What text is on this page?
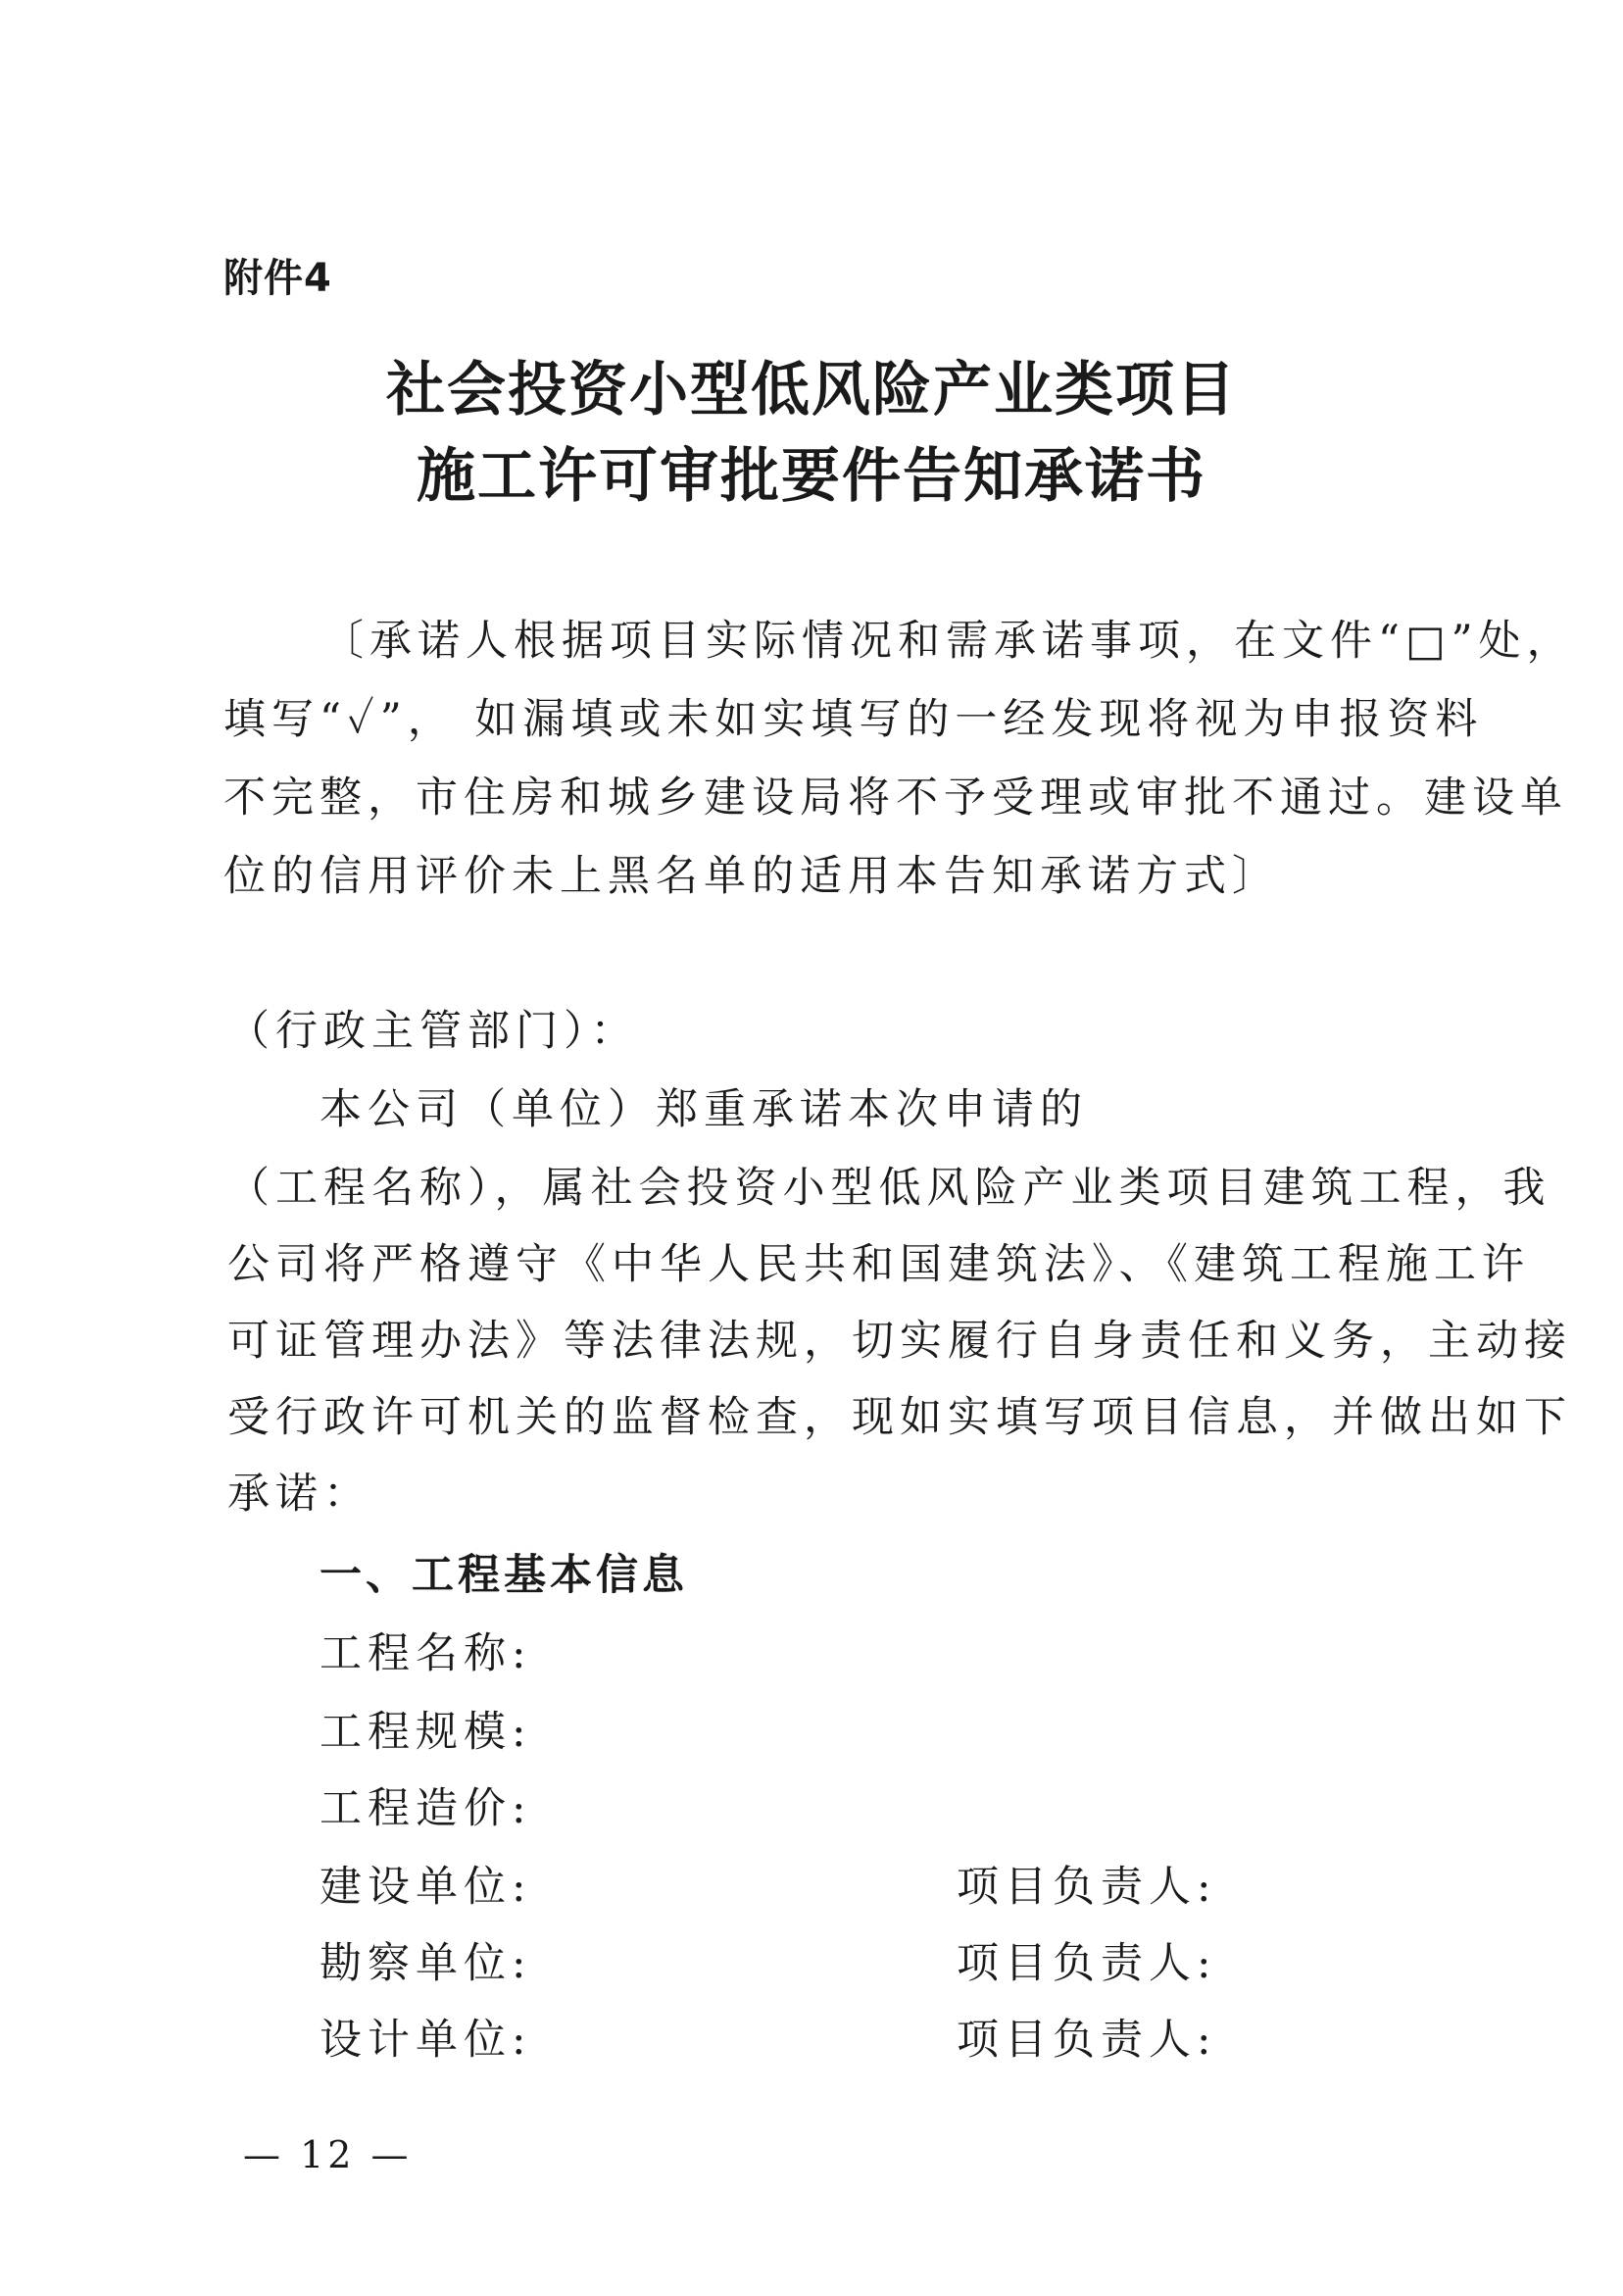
附件4
社会投资小型低风险产业类项目
施工许可审批要件告知承诺书
〔承诺人根据项目实际情况和需承诺事项，在文件“□”处，
填写“✓”， 如漏填或未如实填写的一经发现将视为申报资料
不完整，市住房和城乡建设局将不予受理或审批不通过。建设单
位的信用评价未上黑名单的适用本告知承诺方式〕
（行政主管部门）：
本公司（单位）郑重承诺本次申请的
（工程名称），属社会投资小型低风险产业类项目建筑工程，我
公司将严格遵守《中华人民共和国建筑法》、《建筑工程施工许
可证管理办法》等法律法规，切实履行自身责任和义务，主动接
受行政许可机关的监督检查，现如实填写项目信息，并做出如下
承诺：
一、工程基本信息
工程名称:
工程规模:
工程造价:
建设单位:	项目负责人:
勘察单位:	项目负责人:
设计单位:	项目负责人:
— 12 —
